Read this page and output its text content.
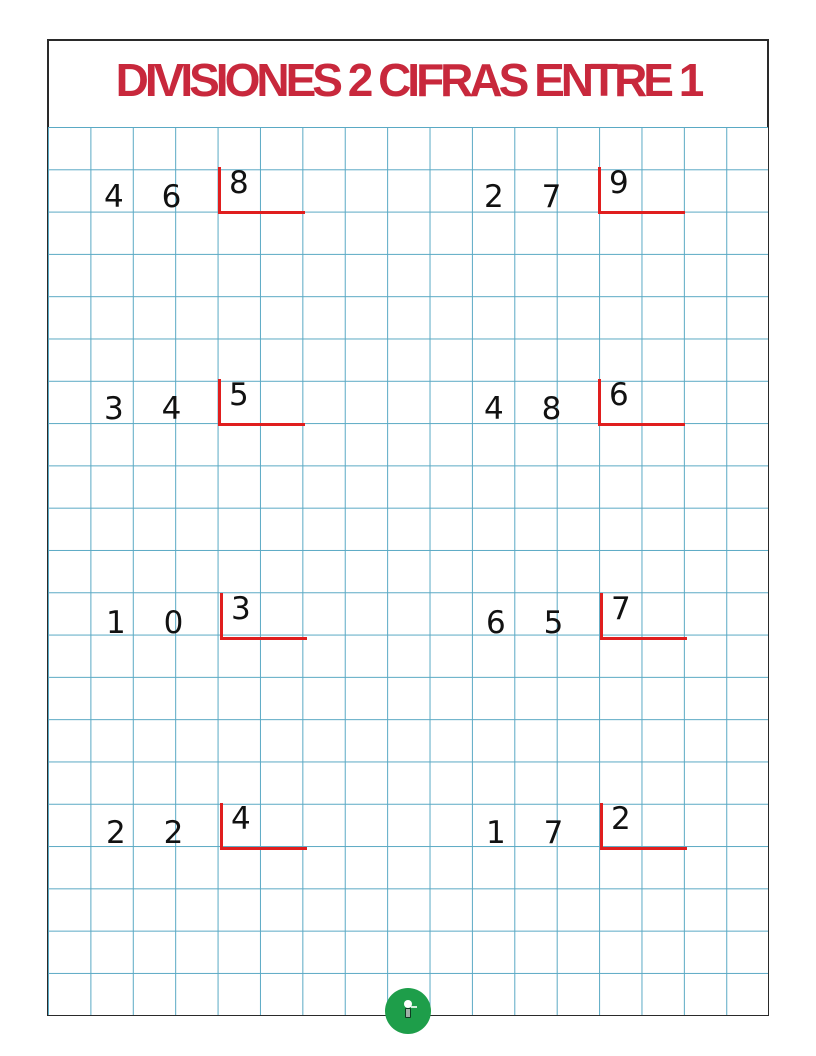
DIVISIONES 2 CIFRAS ENTRE 1
4 6 8	2 7 9
3 4 5	4 8 6
1 0 3	6 5 7
2 2 4	1 7 2
